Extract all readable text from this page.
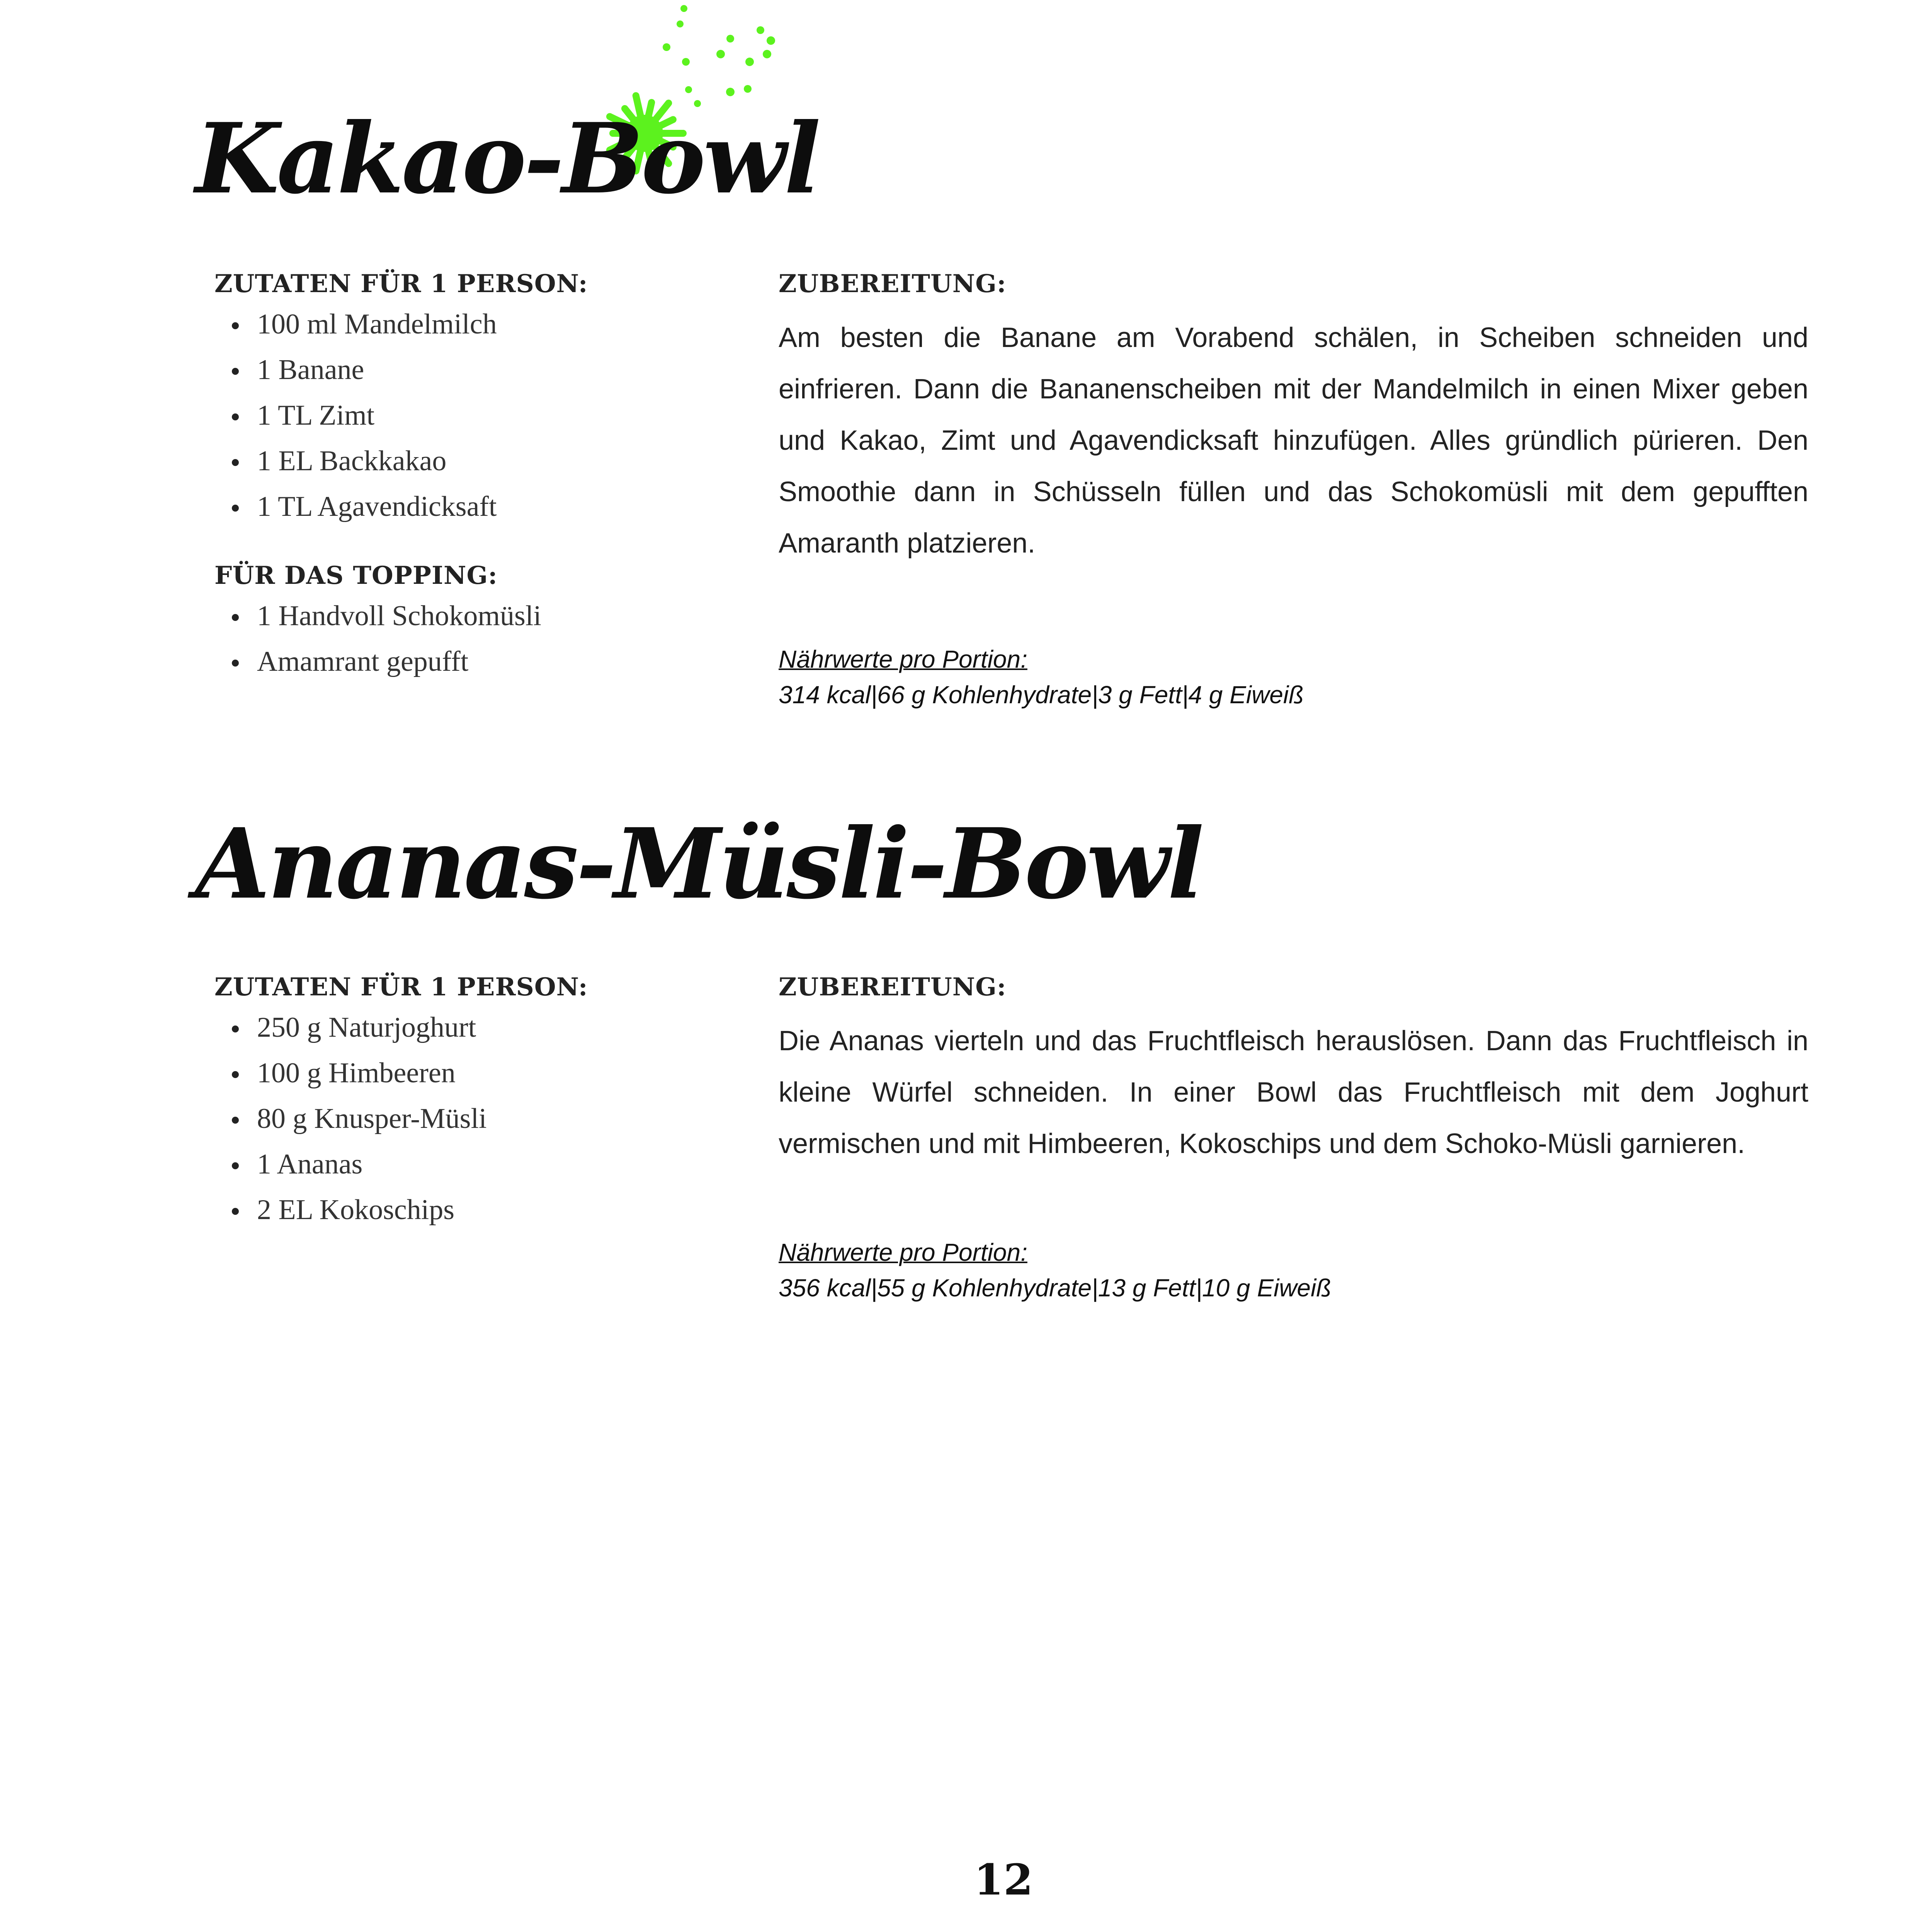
Kakao-Bowl
ZUTATEN FÜR 1 PERSON:
100 ml Mandelmilch
1 Banane
1 TL Zimt
1 EL Backkakao
1 TL Agavendicksaft
FÜR DAS TOPPING:
1 Handvoll Schokomüsli
Amamrant gepufft
ZUBEREITUNG:

Am besten die Banane am Vorabend schälen, in Scheiben schneiden und einfrieren. Dann die Bananenscheiben mit der Mandelmilch in einen Mixer geben und Kakao, Zimt und Agavendicksaft hinzufügen. Alles gründlich pürieren. Den Smoothie dann in Schüsseln füllen und das Schokomüsli mit dem gepufften Amaranth platzieren.

Nährwerte pro Portion:

314 kcal|66 g Kohlenhydrate|3 g Fett|4 g Eiweiß

Ananas-Müsli-Bowl
ZUTATEN FÜR 1 PERSON:
250 g Naturjoghurt
100 g Himbeeren
80 g Knusper-Müsli
1 Ananas
2 EL Kokoschips
ZUBEREITUNG:

Die Ananas vierteln und das Fruchtfleisch herauslösen. Dann das Fruchtfleisch in kleine Würfel schneiden. In einer Bowl das Fruchtfleisch mit dem Joghurt vermischen und mit Himbeeren, Kokoschips und dem Schoko-Müsli garnieren.

Nährwerte pro Portion:

356 kcal|55 g Kohlenhydrate|13 g Fett|10 g Eiweiß

12
